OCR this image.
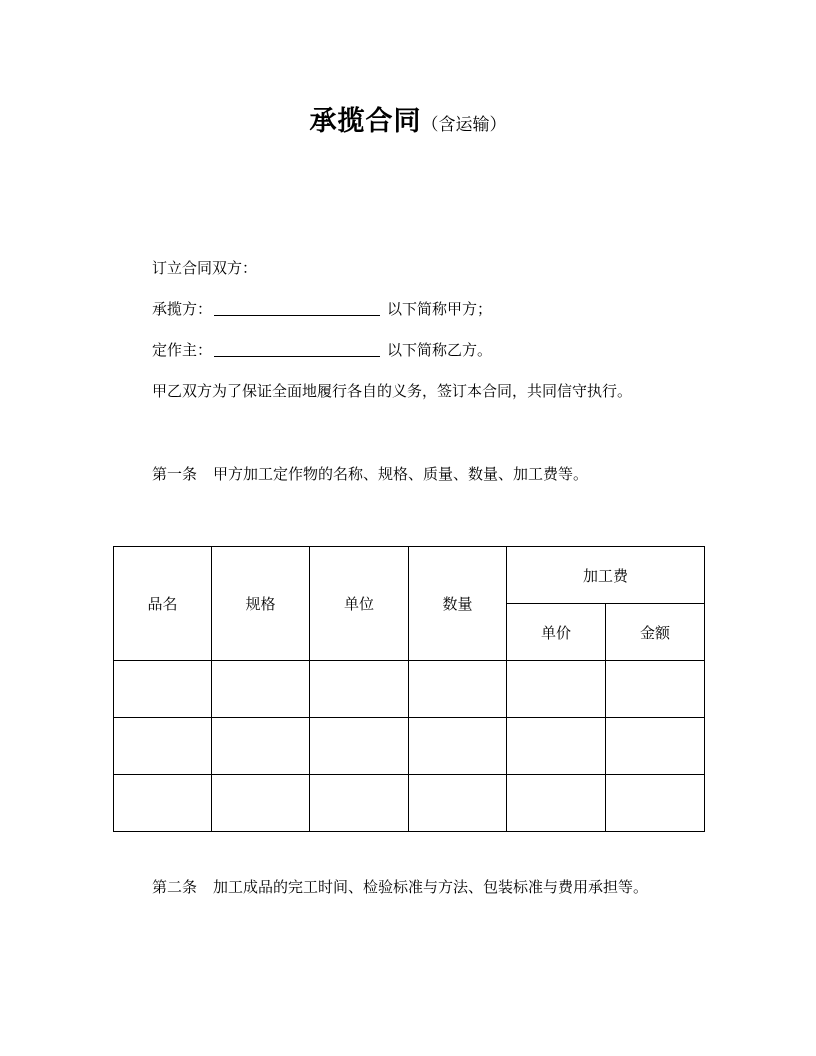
承揽合同（含运输）
订立合同双方：
承揽方：	以下简称甲方；
定作主：	以下简称乙方。
甲乙双方为了保证全面地履行各自的义务，签订本合同，共同信守执行。
第一条 甲方加工定作物的名称、规格、质量、数量、加工费等。
品名	规格	单位	数量	加工费	
				单价	金额

第二条 加工成品的完工时间、检验标准与方法、包装标准与费用承担等。
